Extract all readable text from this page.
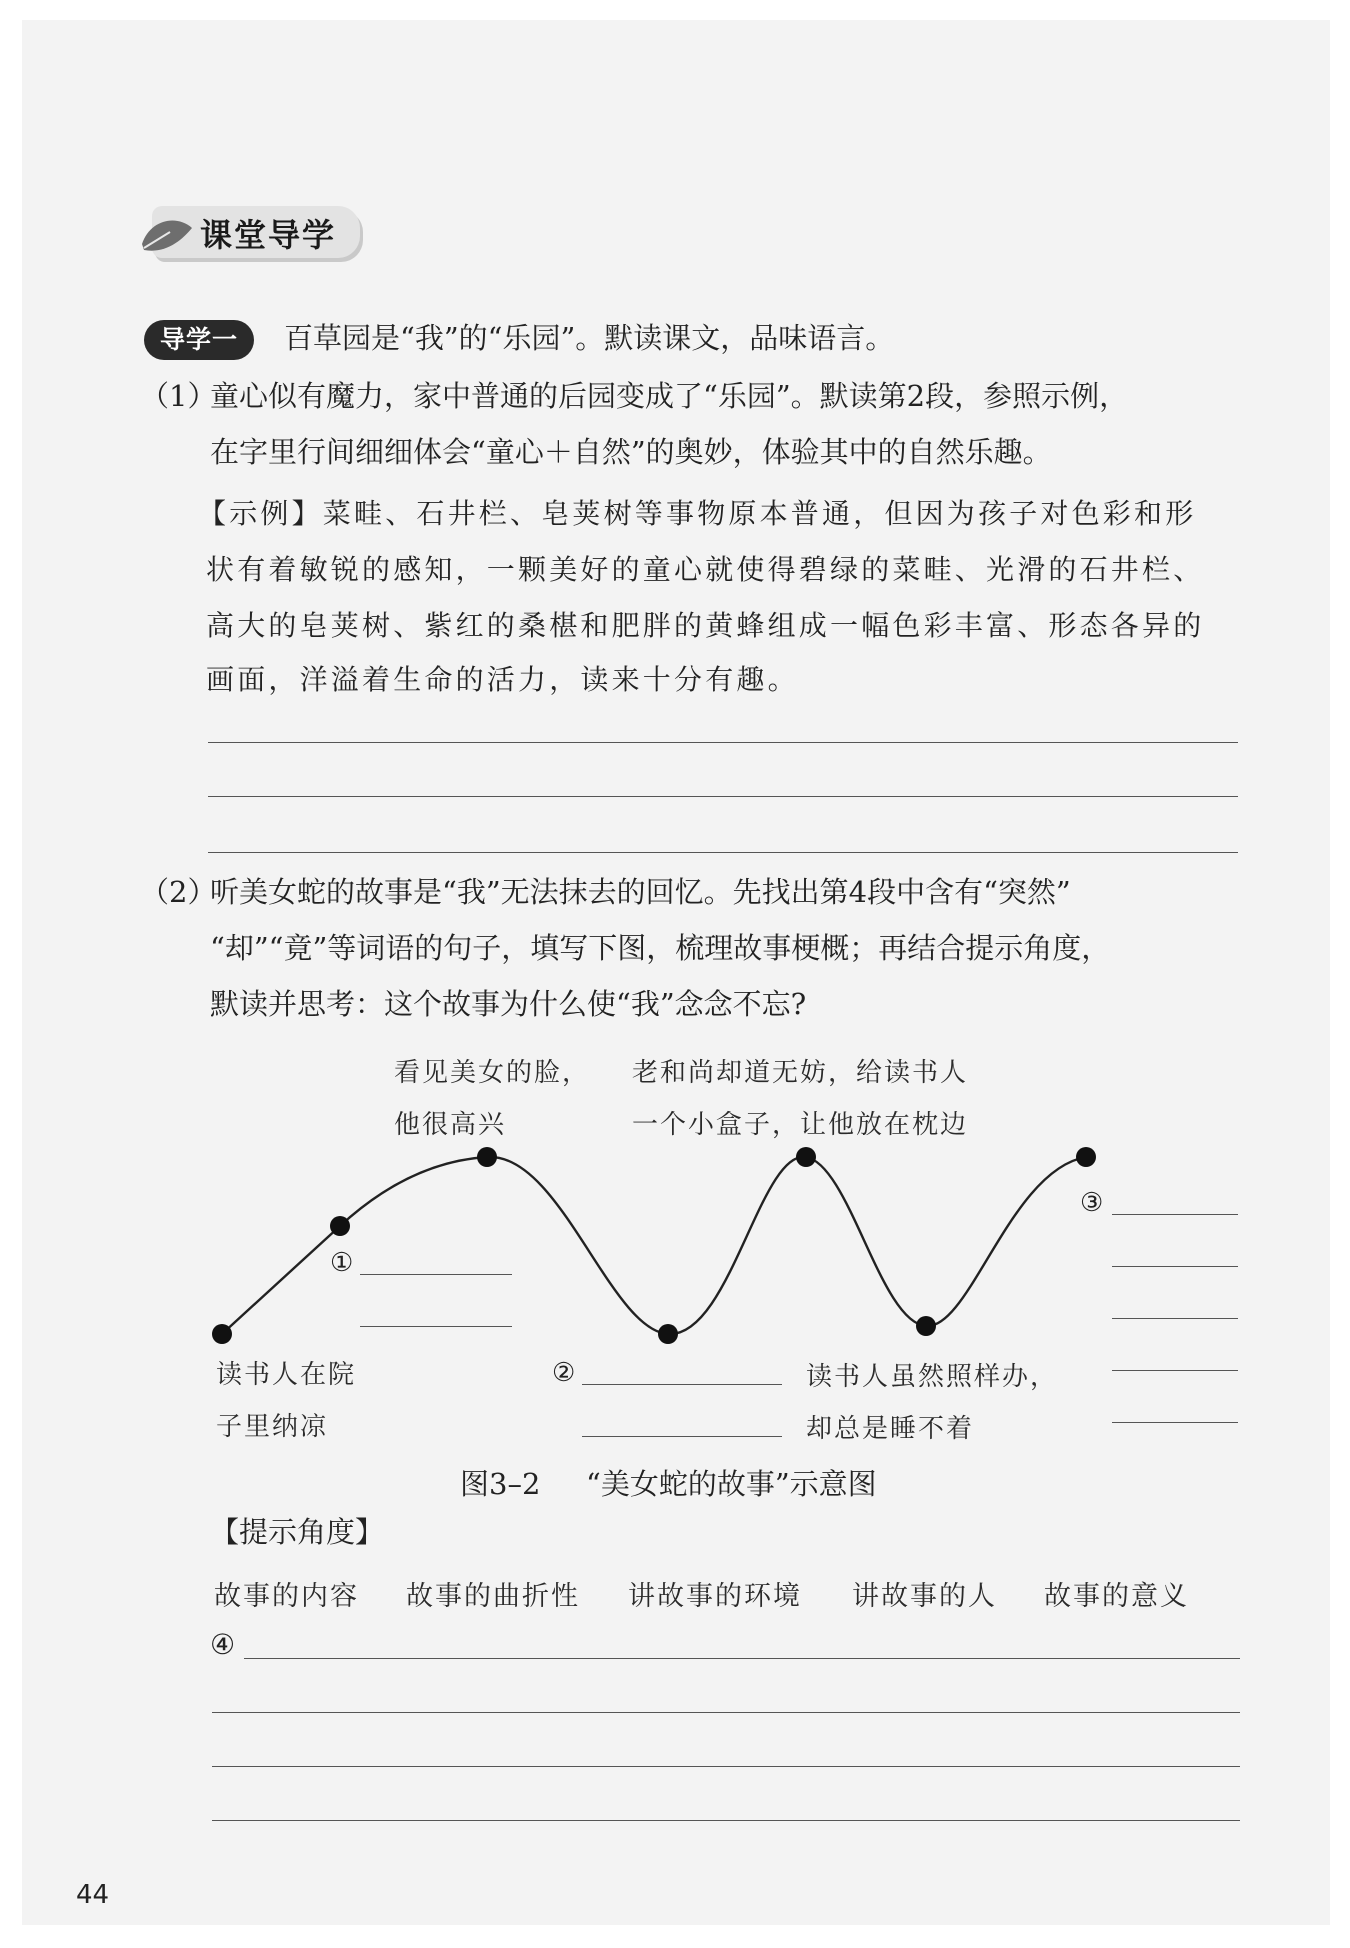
课堂导学
导学一	百草园是“我”的“乐园”。默读课文，品味语言。
（1）
童心似有魔力，家中普通的后园变成了“乐园”。默读第2段，参照示例，
在字里行间细细体会“童心＋自然”的奥妙，体验其中的自然乐趣。
【示例】菜畦、石井栏、皂荚树等事物原本普通，但因为孩子对色彩和形
状有着敏锐的感知，一颗美好的童心就使得碧绿的菜畦、光滑的石井栏、
高大的皂荚树、紫红的桑椹和肥胖的黄蜂组成一幅色彩丰富、形态各异的
画面，洋溢着生命的活力，读来十分有趣。
（2）
听美女蛇的故事是“我”无法抹去的回忆。先找出第4段中含有“突然”
“却”“竟”等词语的句子，填写下图，梳理故事梗概；再结合提示角度，
默读并思考：这个故事为什么使“我”念念不忘?
看见美女的脸，
他很高兴
老和尚却道无妨，给读书人
一个小盒子，让他放在枕边
①
读书人在院
子里纳凉
②	读书人虽然照样办，
却总是睡不着
③
图3–2 “美女蛇的故事”示意图
【提示角度】
故事的内容 故事的曲折性 讲故事的环境 讲故事的人 故事的意义
④
44
